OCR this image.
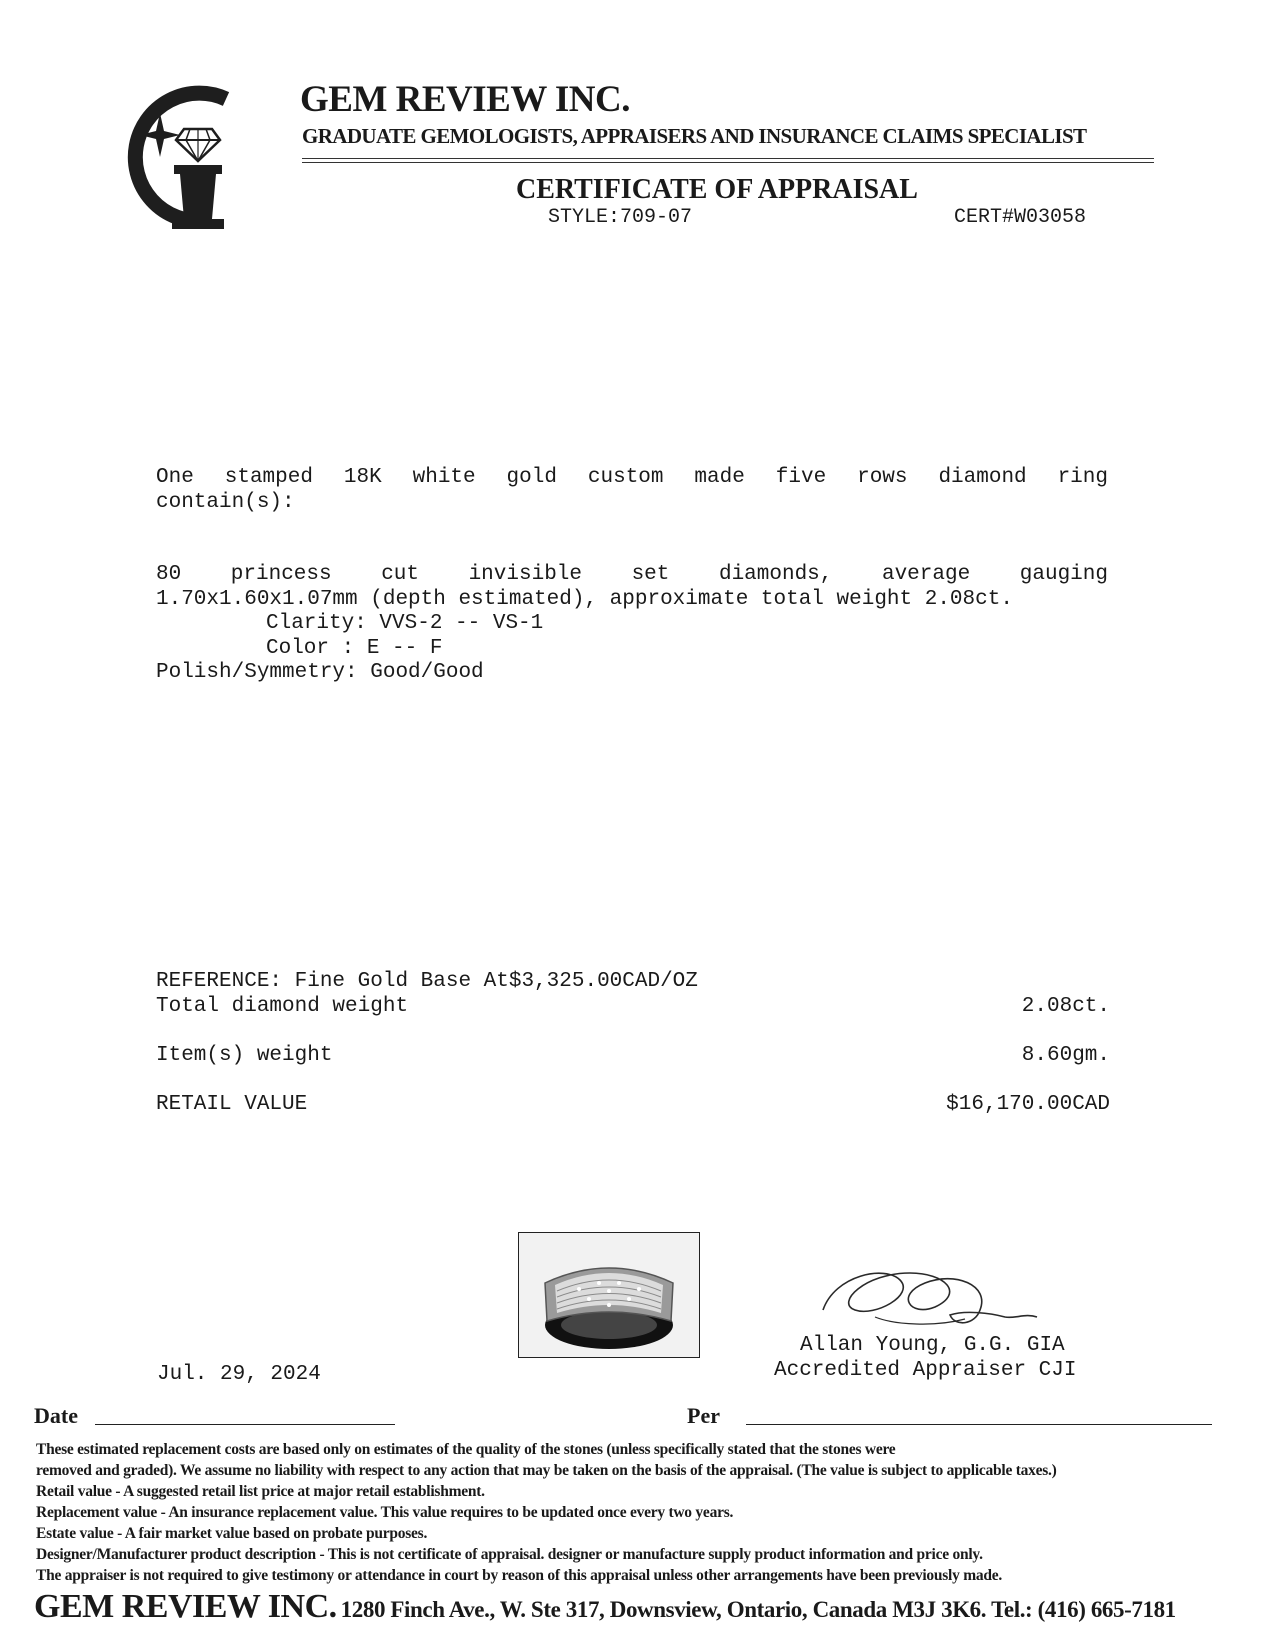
GEM REVIEW INC.
GRADUATE GEMOLOGISTS, APPRAISERS AND INSURANCE CLAIMS SPECIALIST
CERTIFICATE OF APPRAISAL
STYLE:709-07	CERT#W03058
One stamped 18K white gold custom made five rows diamond ring
contain(s):
80 princess cut invisible set diamonds, average gauging
1.70x1.60x1.07mm (depth estimated), approximate total weight 2.08ct.
Clarity: VVS-2 -- VS-1
Color : E -- F
Polish/Symmetry: Good/Good
REFERENCE: Fine Gold Base At$3,325.00CAD/OZ
Total diamond weight	2.08ct.
Item(s) weight	8.60gm.
RETAIL VALUE	$16,170.00CAD
Allan Young, G.G. GIA
Accredited Appraiser CJI
Jul. 29, 2024
Date	Per
These estimated replacement costs are based only on estimates of the quality of the stones (unless specifically stated that the stones were
removed and graded). We assume no liability with respect to any action that may be taken on the basis of the appraisal. (The value is subject to applicable taxes.)
Retail value - A suggested retail list price at major retail establishment.
Replacement value - An insurance replacement value. This value requires to be updated once every two years.
Estate value - A fair market value based on probate purposes.
Designer/Manufacturer product description - This is not certificate of appraisal. designer or manufacture supply product information and price only.
The appraiser is not required to give testimony or attendance in court by reason of this appraisal unless other arrangements have been previously made.
GEM REVIEW INC. 1280 Finch Ave., W. Ste 317, Downsview, Ontario, Canada M3J 3K6. Tel.: (416) 665-7181
